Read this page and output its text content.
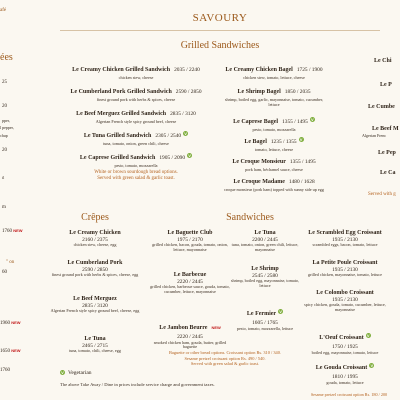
SAVOURY
afé
ées
25
20
pper,
l pepper,
chup
20
il
m
1760 NEW
" on
60
1960 NEW
1650 NEW
1760
Grilled Sandwiches
Le Creamy Chicken Grilled Sandwich 2035 / 2240
chicken stew, cheese
Le Cumberland Pork Grilled Sandwich 2590 / 2850
finest ground pork with herbs & spices, cheese
Le Beef Merguez Grilled Sandwich 2835 / 3120
Algerian French style spicy ground beef, cheese
Le Tuna Grilled Sandwich 2305 / 2540 V
tuna, tomato, onion, green chili, cheese
Le Caprese Grilled Sandwich 1905 / 2090 V
pesto, tomato, mozzarella
White or brown sourdough bread options.
Served with green salad & garlic toast.
Le Creamy Chicken Bagel 1725 / 1900
chicken stew, tomato, lettuce, cheese
Le Shrimp Bagel 1850 / 2035
shrimp, boiled egg, garlic, mayonnaise, tomato, cucumber, lettuce
Le Caprese Bagel 1355 / 1495 V
pesto, tomato, mozzarella
Le Bagel 1235 / 1355 V
tomato, lettuce, cheese
Le Croque Monsieur 1355 / 1495
pork ham, béchamel sauce, cheese
Le Croque Madame 1480 / 1628
croque monsieur (pork ham) topped with sunny side up egg
Le Chi
Le P
Le Cumbe
Le Beef M
Algerian Frenc
Le Pep
Le Ca
Served with g
Crêpes
Le Creamy Chicken
2160 / 2375
chicken stew, cheese, egg
Le Cumberland Pork
2590 / 2850
finest ground pork with herbs & spices, cheese, egg
Le Beef Merguez
2835 / 3120
Algerian French style spicy ground beef, cheese, egg
Le Tuna
2465 / 2715
tuna, tomato, chili, cheese, egg
Sandwiches
Le Baguette Club
1975 / 2170
grilled chicken, bacon, gouda, tomato, onion, lettuce, mayonnaise
Le Barbecue
2220 / 2445
grilled chicken, barbecue sauce, gouda, tomato, cucumber, lettuce, mayonnaise
Le Jambon Beurre NEW
2220 / 2445
smoked chicken ham, gouda, butter, grilled baguette
Le Tuna
2200 / 2445
tuna, tomato, onion, green chili, lettuce, mayonnaise
Le Shrimp
2545 / 2580
shrimp, boiled egg, mayonnaise, tomato, lettuce
Le Fermier V
1605 / 1765
pesto, tomato, mozzarella, lettuce
Le Scrambled Egg Croissant
1935 / 2130
scrambled eggs, bacon, tomato, lettuce
La Petite Poule Croissant
1935 / 2130
grilled chicken, mayonnaise, tomato, lettuce
Le Colombo Croissant
1935 / 2130
spicy chicken, gouda, tomato, cucumber, lettuce, mayonnaise
L'Oeuf Croissant V
1750 / 1925
boiled egg, mayonnaise, tomato, lettuce
Le Gouda Croissant V
1810 / 1995
gouda, tomato, lettuce
Baguette or other bread options. Croissant option Rs. 310 / 340.
Sesame pretzel croissant option Rs. 490 / 540.
Served with green salad & garlic toast.
Sesame pretzel croissant option Rs. 180 / 200
V Vegetarian
The above Take Away / Dine in prices include service charge and government taxes.
